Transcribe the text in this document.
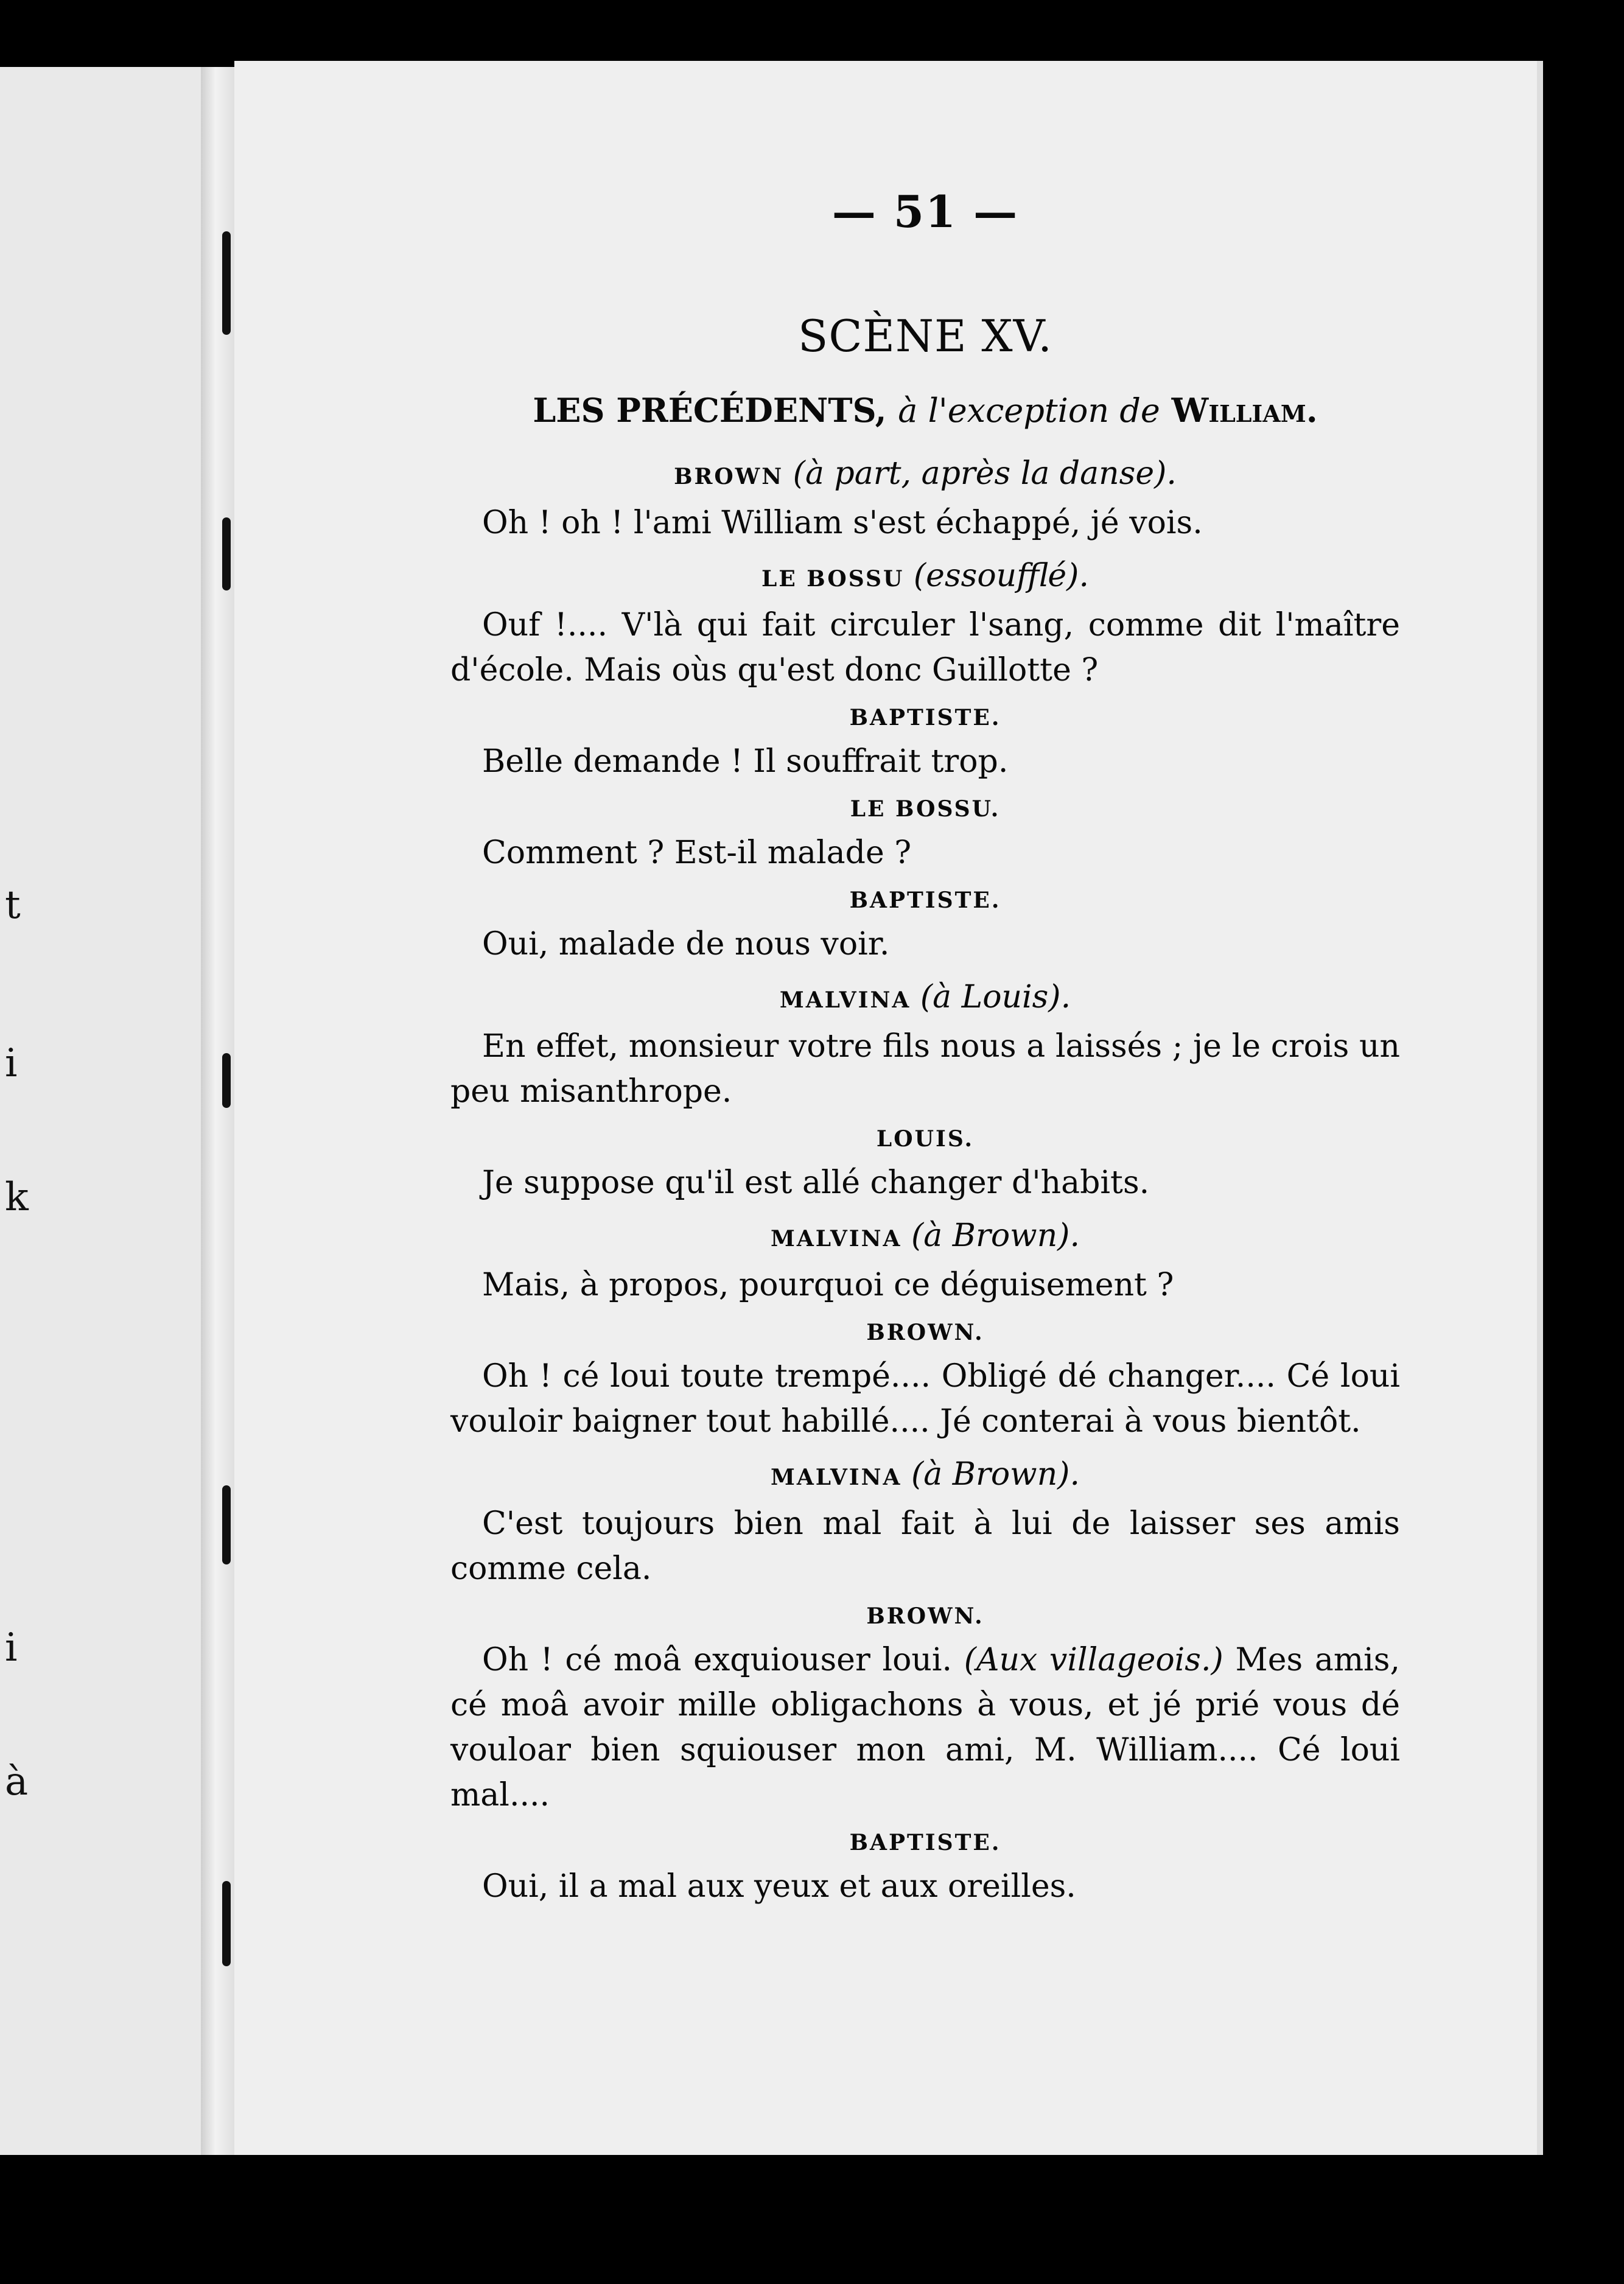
t
i
k
i
à
— 51 —
SCÈNE XV.
LES PRÉCÉDENTS, à l'exception de William.
BROWN (à part, après la danse).

Oh ! oh ! l'ami William s'est échappé, jé vois.

LE BOSSU (essoufflé).

Ouf !.... V'là qui fait circuler l'sang, comme dit l'maître d'école. Mais oùs qu'est donc Guillotte ?

BAPTISTE.

Belle demande ! Il souffrait trop.

LE BOSSU.

Comment ? Est-il malade ?

BAPTISTE.

Oui, malade de nous voir.

MALVINA (à Louis).

En effet, monsieur votre fils nous a laissés ; je le crois un peu misanthrope.

LOUIS.

Je suppose qu'il est allé changer d'habits.

MALVINA (à Brown).

Mais, à propos, pourquoi ce déguisement ?

BROWN.

Oh ! cé loui toute trempé.... Obligé dé changer.... Cé loui vouloir baigner tout habillé.... Jé conterai à vous bientôt.

MALVINA (à Brown).

C'est toujours bien mal fait à lui de laisser ses amis comme cela.

BROWN.

Oh ! cé moâ exquiouser loui. (Aux villageois.) Mes amis, cé moâ avoir mille obligachons à vous, et jé prié vous dé vouloar bien squiouser mon ami, M. William.... Cé loui mal....

BAPTISTE.

Oui, il a mal aux yeux et aux oreilles.
